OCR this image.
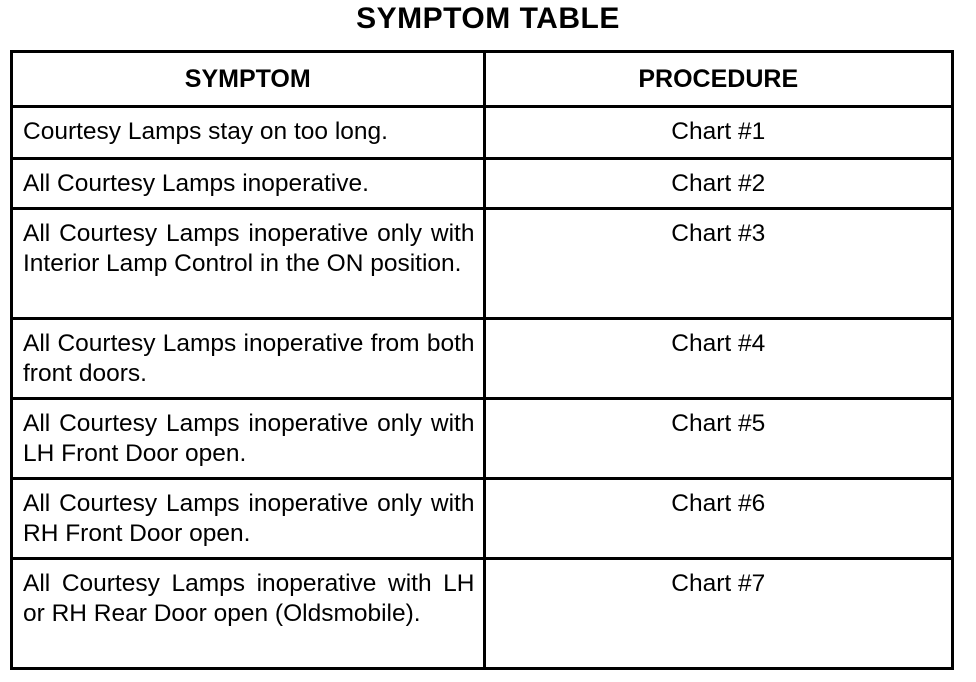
SYMPTOM TABLE
SYMPTOM	PROCEDURE
Courtesy Lamps stay on too long.	Chart #1
All Courtesy Lamps inoperative.	Chart #2
All Courtesy Lamps inoperative only with Interior Lamp Control in the ON position.	Chart #3
All Courtesy Lamps inoperative from both front doors.	Chart #4
All Courtesy Lamps inoperative only with LH Front Door open.	Chart #5
All Courtesy Lamps inoperative only with RH Front Door open.	Chart #6
All Courtesy Lamps inoperative with LH or RH Rear Door open (Oldsmobile).	Chart #7
